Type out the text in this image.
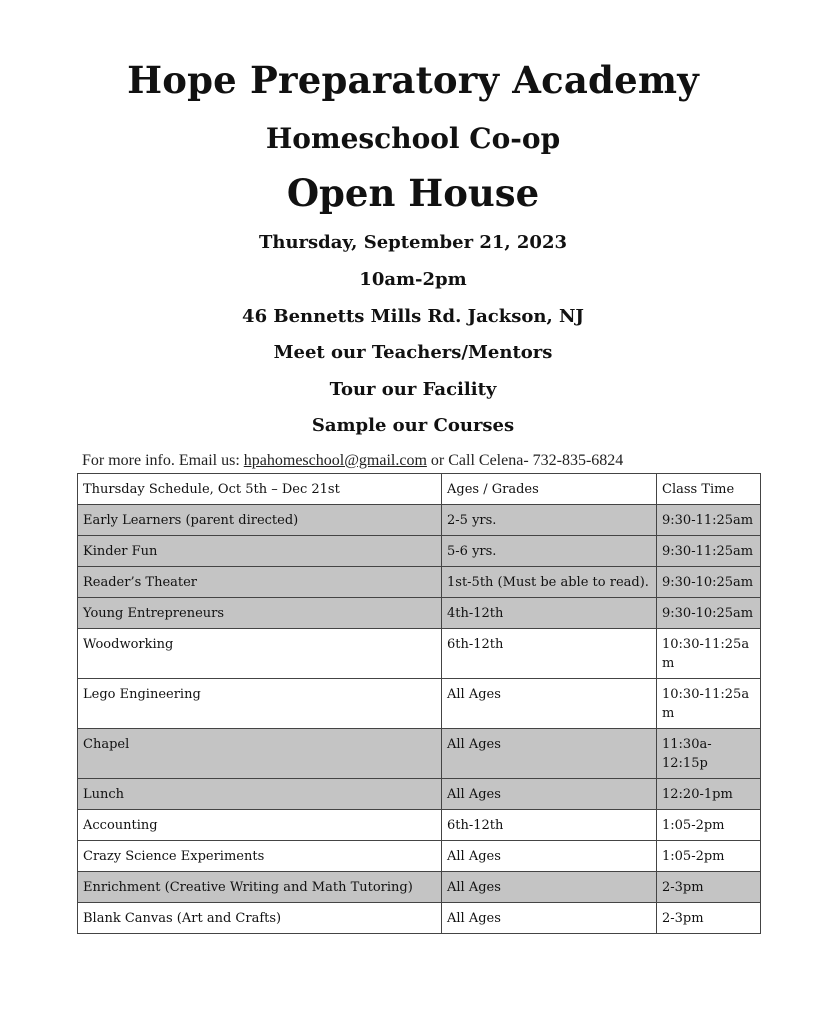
Hope Preparatory Academy
Homeschool Co-op
Open House
Thursday, September 21, 2023
10am-2pm
46 Bennetts Mills Rd. Jackson, NJ
Meet our Teachers/Mentors
Tour our Facility
Sample our Courses
For more info. Email us: hpahomeschool@gmail.com or Call Celena- 732-835-6824
Thursday Schedule, Oct 5th – Dec 21st	Ages / Grades	Class Time
Early Learners (parent directed)	2-5 yrs.	9:30-11:25am
Kinder Fun	5-6 yrs.	9:30-11:25am
Reader’s Theater	1st-5th (Must be able to read).	9:30-10:25am
Young Entrepreneurs	4th-12th	9:30-10:25am
Woodworking	6th-12th	10:30-11:25am
Lego Engineering	All Ages	10:30-11:25am
Chapel	All Ages	11:30a-12:15p
Lunch	All Ages	12:20-1pm
Accounting	6th-12th	1:05-2pm
Crazy Science Experiments	All Ages	1:05-2pm
Enrichment (Creative Writing and Math Tutoring)	All Ages	2-3pm
Blank Canvas (Art and Crafts)	All Ages	2-3pm
